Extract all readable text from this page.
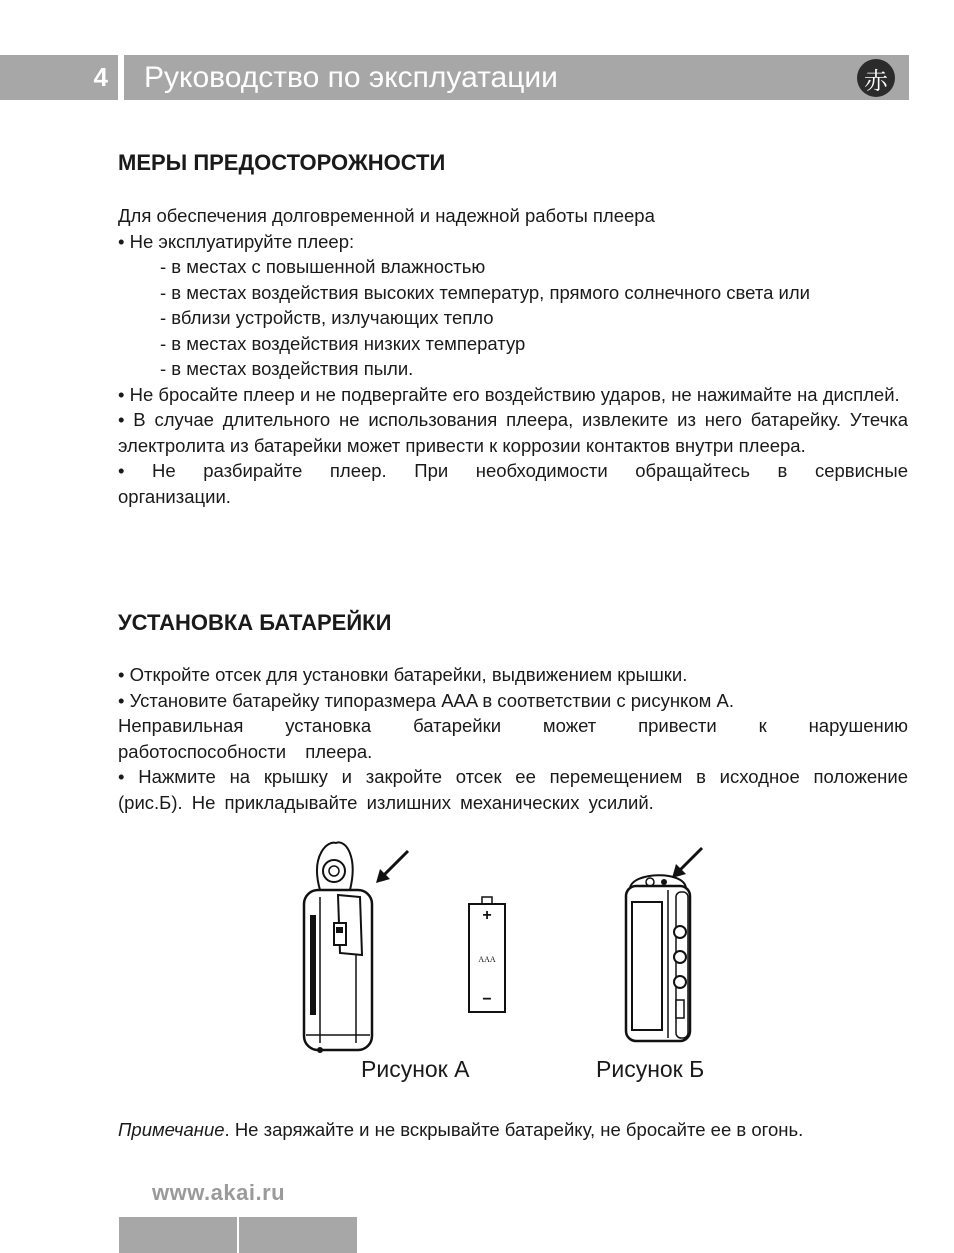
4	Руководство по эксплуатации	赤
МЕРЫ ПРЕДОСТОРОЖНОСТИ

Для обеспечения долговременной и надежной работы плеера

• Не эксплуатируйте плеер:

- в местах с повышенной влажностью

- в местах воздействия высоких температур, прямого солнечного света или

- вблизи устройств, излучающих тепло

- в местах воздействия низких температур

- в местах воздействия пыли.

• Не бросайте плеер и не подвергайте его воздействию ударов, не нажимайте на дисплей.

• В случае длительного не использования плеера, извлеките из него батарейку. Утечка электролита из батарейки может привести к коррозии контактов внутри плеера.

• Не разбирайте плеер. При необходимости обращайтесь в сервисные организации.

УСТАНОВКА БАТАРЕЙКИ

• Откройте отсек для установки батарейки, выдвижением крышки.

• Установите батарейку типоразмера AAA в соответствии с рисунком А.

Неправильная установка батарейки может привести к нарушению работоспособности плеера.

• Нажмите на крышку и закройте отсек ее перемещением в исходное положение (рис.Б). Не прикладывайте излишних механических усилий.

+
AAA
−
Рисунок А	Рисунок Б
Примечание. Не заряжайте и не вскрывайте батарейку, не бросайте ее в огонь.
www.akai.ru
